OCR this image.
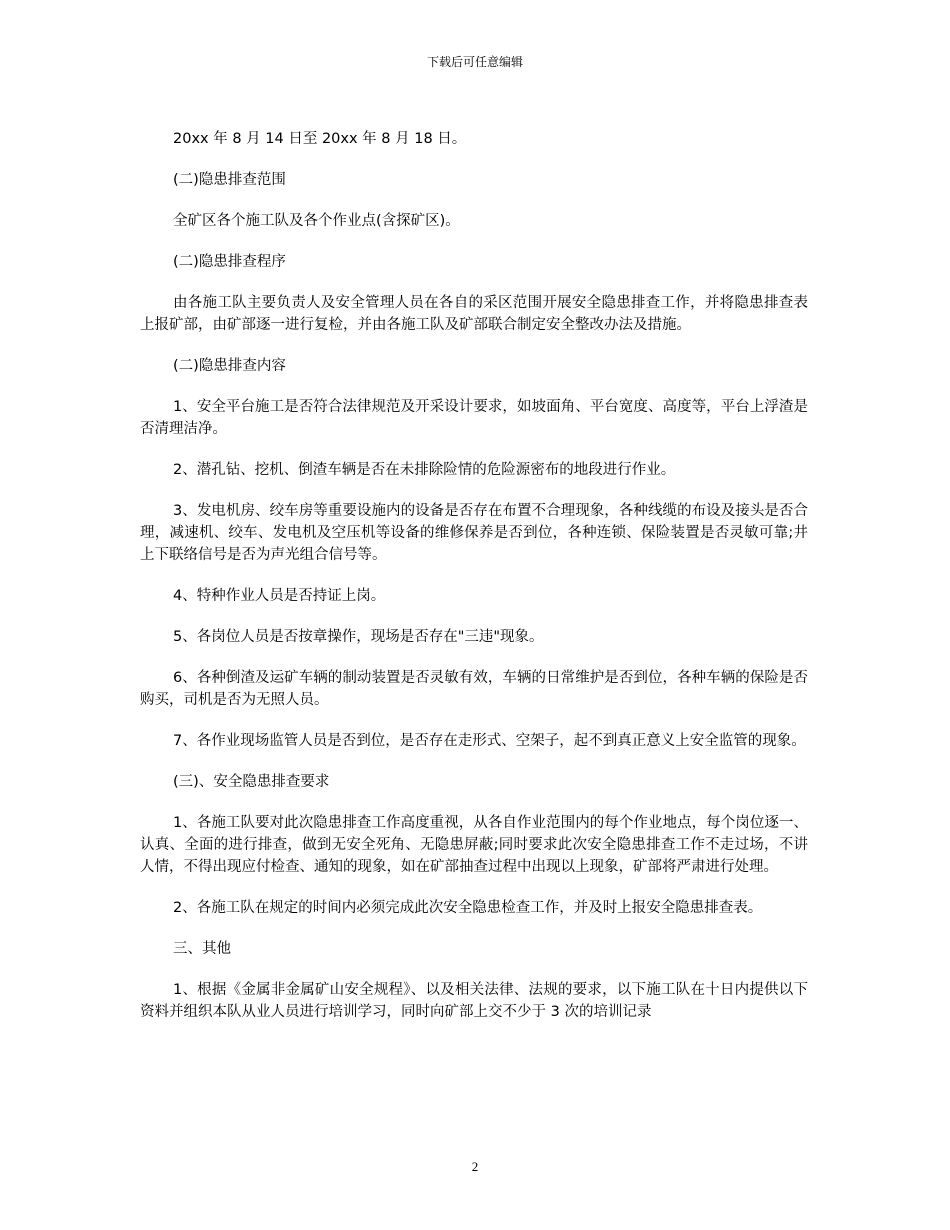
下载后可任意编辑

20xx 年 8 月 14 日至 20xx 年 8 月 18 日。

(二)隐患排查范围

全矿区各个施工队及各个作业点(含探矿区)。

(二)隐患排查程序

由各施工队主要负责人及安全管理人员在各自的采区范围开展安全隐患排查工作，并将隐患排查表上报矿部，由矿部逐一进行复检，并由各施工队及矿部联合制定安全整改办法及措施。

(二)隐患排查内容

1、安全平台施工是否符合法律规范及开采设计要求，如坡面角、平台宽度、高度等，平台上浮渣是否清理洁净。

2、潜孔钻、挖机、倒渣车辆是否在未排除险情的危险源密布的地段进行作业。

3、发电机房、绞车房等重要设施内的设备是否存在布置不合理现象，各种线缆的布设及接头是否合理，减速机、绞车、发电机及空压机等设备的维修保养是否到位，各种连锁、保险装置是否灵敏可靠;井上下联络信号是否为声光组合信号等。

4、特种作业人员是否持证上岗。

5、各岗位人员是否按章操作，现场是否存在"三违"现象。

6、各种倒渣及运矿车辆的制动装置是否灵敏有效，车辆的日常维护是否到位，各种车辆的保险是否购买，司机是否为无照人员。

7、各作业现场监管人员是否到位，是否存在走形式、空架子，起不到真正意义上安全监管的现象。

(三)、安全隐患排查要求

1、各施工队要对此次隐患排查工作高度重视，从各自作业范围内的每个作业地点，每个岗位逐一、认真、全面的进行排查，做到无安全死角、无隐患屏蔽;同时要求此次安全隐患排查工作不走过场，不讲人情，不得出现应付检查、通知的现象，如在矿部抽查过程中出现以上现象，矿部将严肃进行处理。

2、各施工队在规定的时间内必须完成此次安全隐患检查工作，并及时上报安全隐患排查表。

三、其他

1、根据《金属非金属矿山安全规程》、以及相关法律、法规的要求，以下施工队在十日内提供以下资料并组织本队从业人员进行培训学习，同时向矿部上交不少于 3 次的培训记录

2
